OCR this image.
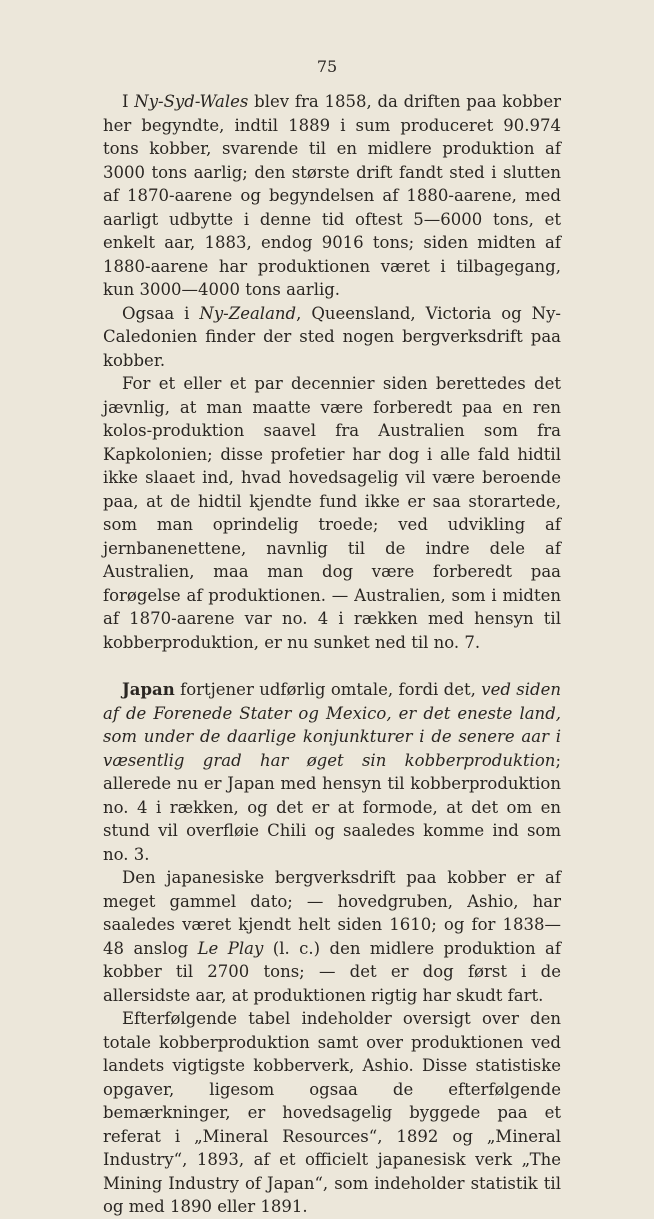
75

I Ny-Syd-Wales blev fra 1858, da driften paa kobber her begyndte, indtil 1889 i sum produceret 90.974 tons kobber, svarende til en midlere produktion af 3000 tons aarlig; den største drift fandt sted i slutten af 1870-aarene og begyndelsen af 1880-aarene, med aarligt udbytte i denne tid oftest 5—6000 tons, et enkelt aar, 1883, endog 9016 tons; siden midten af 1880-aarene har produktionen været i tilbagegang, kun 3000—4000 tons aarlig.

Ogsaa i Ny-Zealand, Queensland, Victoria og Ny-Caledonien finder der sted nogen bergverksdrift paa kobber.

For et eller et par decennier siden berettedes det jævnlig, at man maatte være forberedt paa en ren kolos-produktion saavel fra Australien som fra Kapkolonien; disse profetier har dog i alle fald hidtil ikke slaaet ind, hvad hovedsagelig vil være beroende paa, at de hidtil kjendte fund ikke er saa storartede, som man oprindelig troede; ved udvikling af jernbanenettene, navnlig til de indre dele af Australien, maa man dog være forberedt paa forøgelse af produktionen. — Australien, som i midten af 1870-aarene var no. 4 i rækken med hensyn til kobberproduktion, er nu sunket ned til no. 7.

Japan fortjener udførlig omtale, fordi det, ved siden af de Forenede Stater og Mexico, er det eneste land, som under de daarlige konjunkturer i de senere aar i væsentlig grad har øget sin kobberproduktion; allerede nu er Japan med hensyn til kobberproduktion no. 4 i rækken, og det er at formode, at det om en stund vil overfløie Chili og saaledes komme ind som no. 3.

Den japanesiske bergverksdrift paa kobber er af meget gammel dato; — hovedgruben, Ashio, har saaledes været kjendt helt siden 1610; og for 1838—48 anslog Le Play (l. c.) den midlere produktion af kobber til 2700 tons; — det er dog først i de allersidste aar, at produktionen rigtig har skudt fart.

Efterfølgende tabel indeholder oversigt over den totale kobberproduktion samt over produktionen ved landets vigtigste kobberverk, Ashio. Disse statistiske opgaver, ligesom ogsaa de efterfølgende bemærkninger, er hovedsagelig byggede paa et referat i „Mineral Resources“, 1892 og „Mineral Industry“, 1893, af et officielt japanesisk verk „The Mining Industry of Japan“, som indeholder statistik til og med 1890 eller 1891.
